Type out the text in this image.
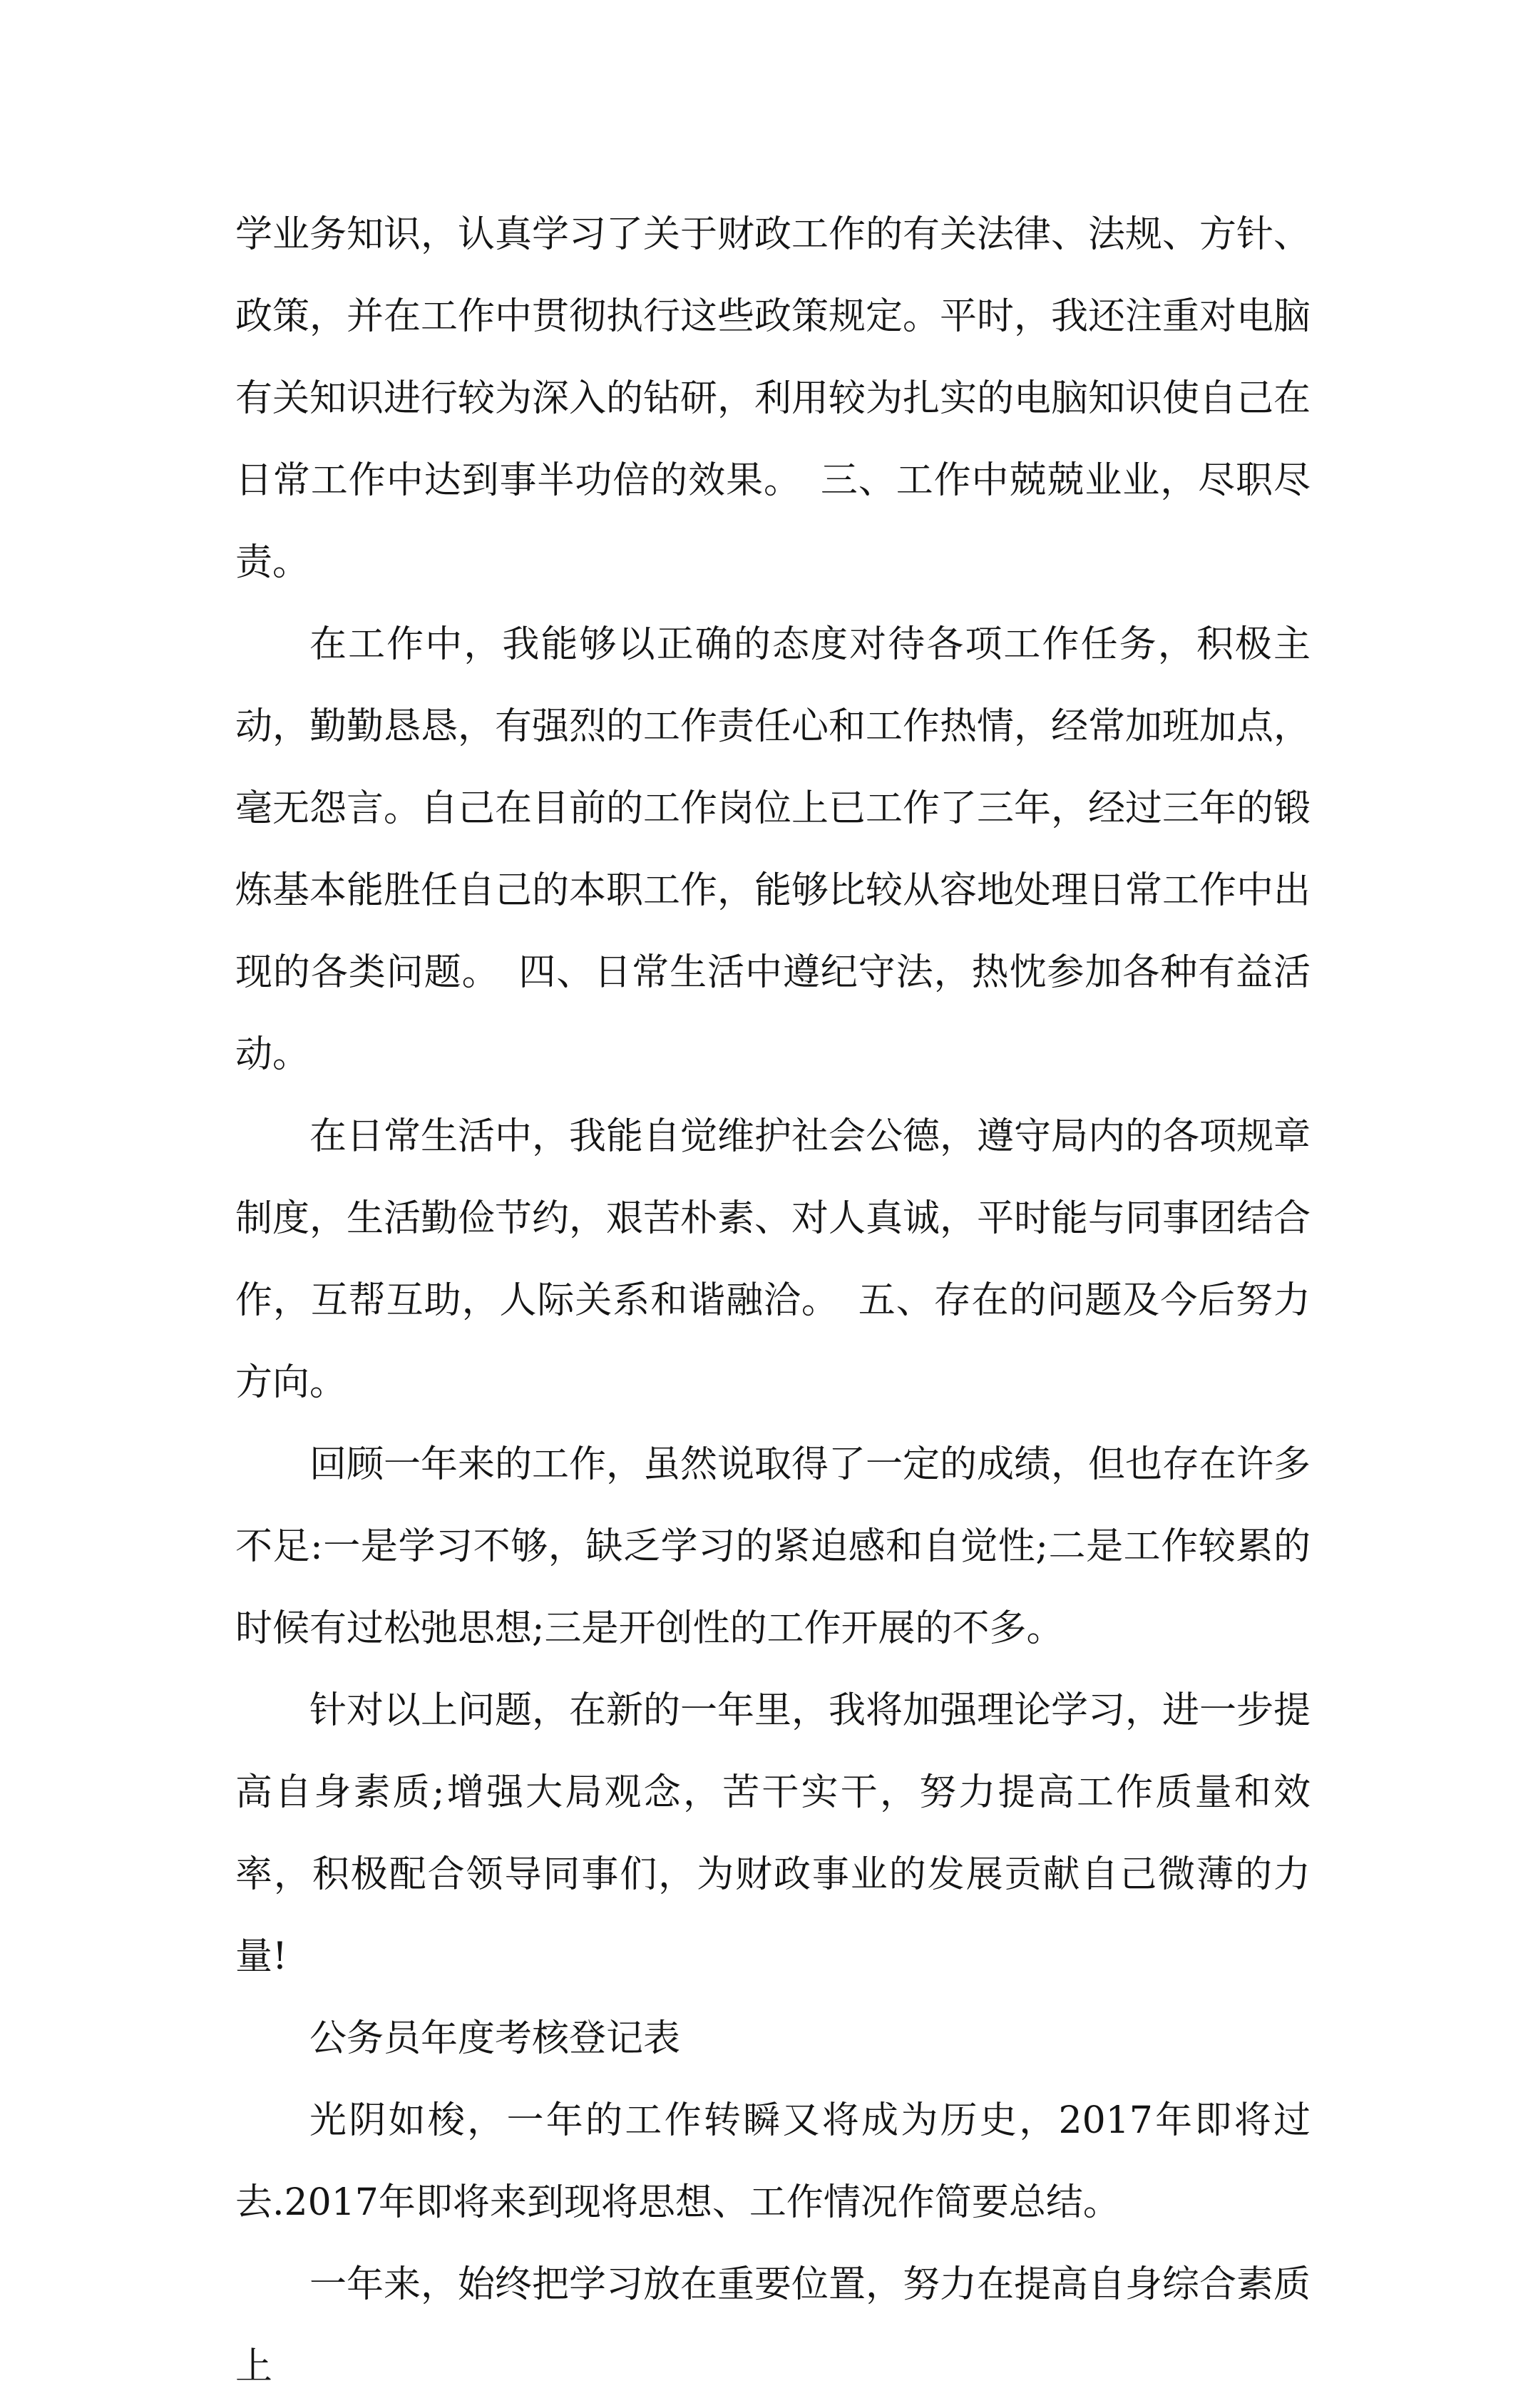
学业务知识，认真学习了关于财政工作的有关法律、法规、方针、政策，并在工作中贯彻执行这些政策规定。平时，我还注重对电脑有关知识进行较为深入的钻研，利用较为扎实的电脑知识使自己在日常工作中达到事半功倍的效果。　三、工作中兢兢业业，尽职尽责。

在工作中，我能够以正确的态度对待各项工作任务，积极主动，勤勤恳恳，有强烈的工作责任心和工作热情，经常加班加点，毫无怨言。自己在目前的工作岗位上已工作了三年，经过三年的锻炼基本能胜任自己的本职工作，能够比较从容地处理日常工作中出现的各类问题。　四、日常生活中遵纪守法，热忱参加各种有益活动。

在日常生活中，我能自觉维护社会公德，遵守局内的各项规章制度，生活勤俭节约，艰苦朴素、对人真诚，平时能与同事团结合作，互帮互助，人际关系和谐融洽。　五、存在的问题及今后努力方向。

回顾一年来的工作，虽然说取得了一定的成绩，但也存在许多不足:一是学习不够，缺乏学习的紧迫感和自觉性;二是工作较累的时候有过松弛思想;三是开创性的工作开展的不多。

针对以上问题，在新的一年里，我将加强理论学习，进一步提高自身素质;增强大局观念，苦干实干，努力提高工作质量和效率，积极配合领导同事们，为财政事业的发展贡献自己微薄的力量!

公务员年度考核登记表

光阴如梭，一年的工作转瞬又将成为历史，2017年即将过去.2017年即将来到现将思想、工作情况作简要总结。

一年来，始终把学习放在重要位置，努力在提高自身综合素质上
